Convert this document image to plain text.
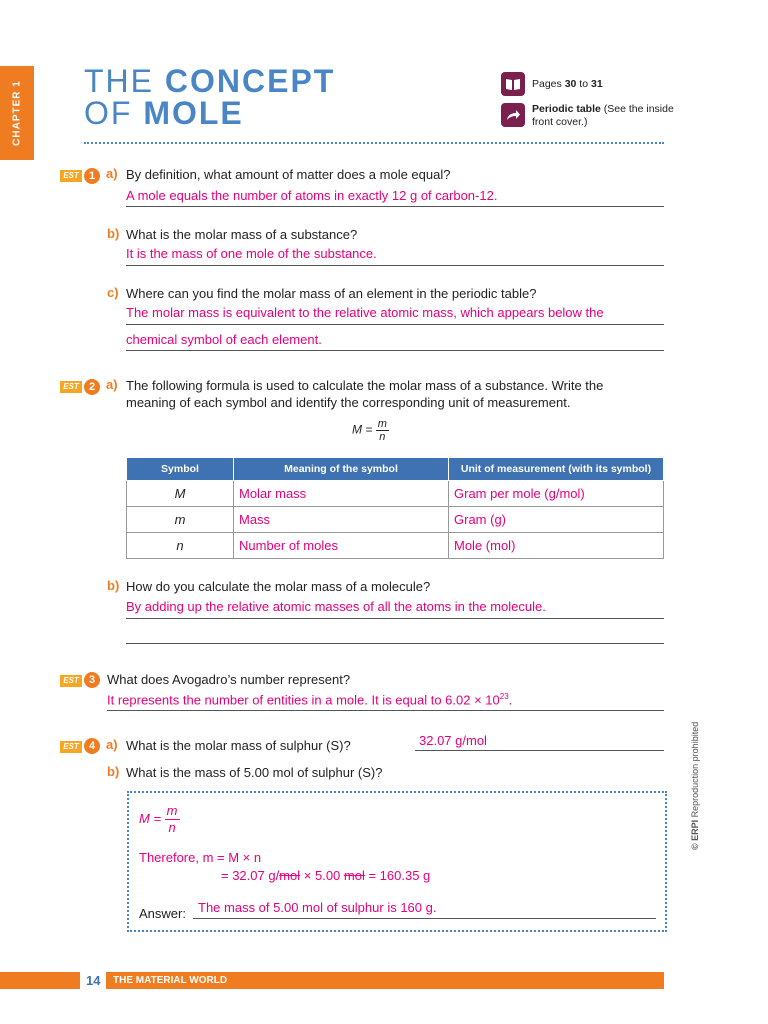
CHAPTER 1 THE CONCEPT
OF MOLE
Pages 30 to 31
Periodic table (See the inside
front cover.)
EST 1 a) By definition, what amount of matter does a mole equal?
A mole equals the number of atoms in exactly 12 g of carbon-12.
b) What is the molar mass of a substance?
It is the mass of one mole of the substance.
c) Where can you find the molar mass of an element in the periodic table?
The molar mass is equivalent to the relative atomic mass, which appears below the
chemical symbol of each element.
EST 2 a) The following formula is used to calculate the molar mass of a substance. Write the
meaning of each symbol and identify the corresponding unit of measurement.
$M = \frac{m}{n}$
Symbol	Meaning of the symbol	Unit of measurement (with its symbol)
M	Molar mass	Gram per mole (g/mol)
m	Mass	Gram (g)
n	Number of moles	Mole (mol)
b) How do you calculate the molar mass of a molecule?
By adding up the relative atomic masses of all the atoms in the molecule.
EST 3 What does Avogadro’s number represent?
It represents the number of entities in a mole. It is equal to $6.02 \times 10^{23}$.
EST 4 a) What is the molar mass of sulphur (S)?	32.07 g/mol
b) What is the mass of 5.00 mol of sulphur (S)?
$M = \frac{m}{n}$
Therefore, m = M × n
= 32.07 g/mol × 5.00 mol = 160.35 g
Answer: The mass of 5.00 mol of sulphur is 160 g.
© ERPI Reproduction prohibited
14	THE MATERIAL WORLD
